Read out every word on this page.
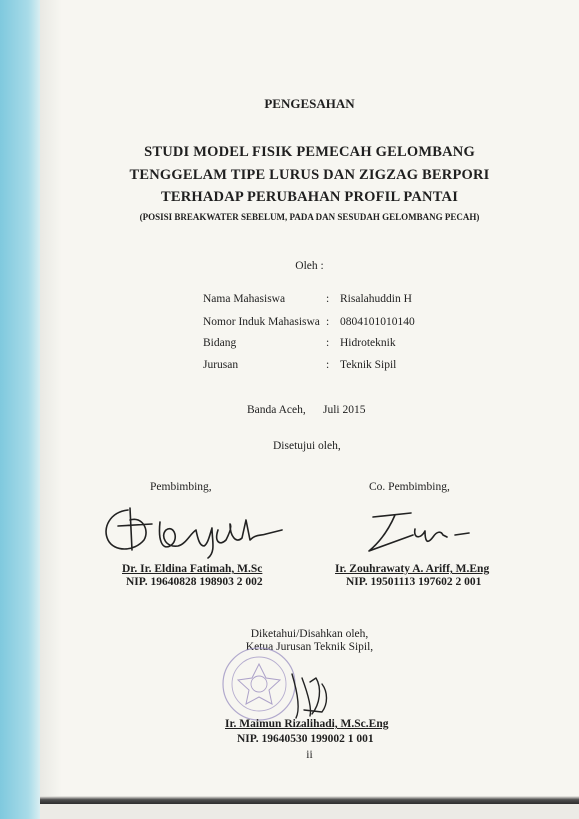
PENGESAHAN
STUDI MODEL FISIK PEMECAH GELOMBANG
TENGGELAM TIPE LURUS DAN ZIGZAG BERPORI
TERHADAP PERUBAHAN PROFIL PANTAI
(POSISI BREAKWATER SEBELUM, PADA DAN SESUDAH GELOMBANG PECAH)
Oleh :
Nama Mahasiswa	: Risalahuddin H
Nomor Induk Mahasiswa : 0804101010140
Bidang	: Hidroteknik
Jurusan	: Teknik Sipil
Banda Aceh,      Juli 2015
Disetujui oleh,
Pembimbing,
Dr. Ir. Eldina Fatimah, M.Sc
NIP. 19640828 198903 2 002
Co. Pembimbing,
Ir. Zouhrawaty A. Ariff, M.Eng
NIP. 19501113 197602 2 001
Diketahui/Disahkan oleh,
Ketua Jurusan Teknik Sipil,
Ir. Maimun Rizalihadi, M.Sc.Eng
NIP. 19640530 199002 1 001
ii
